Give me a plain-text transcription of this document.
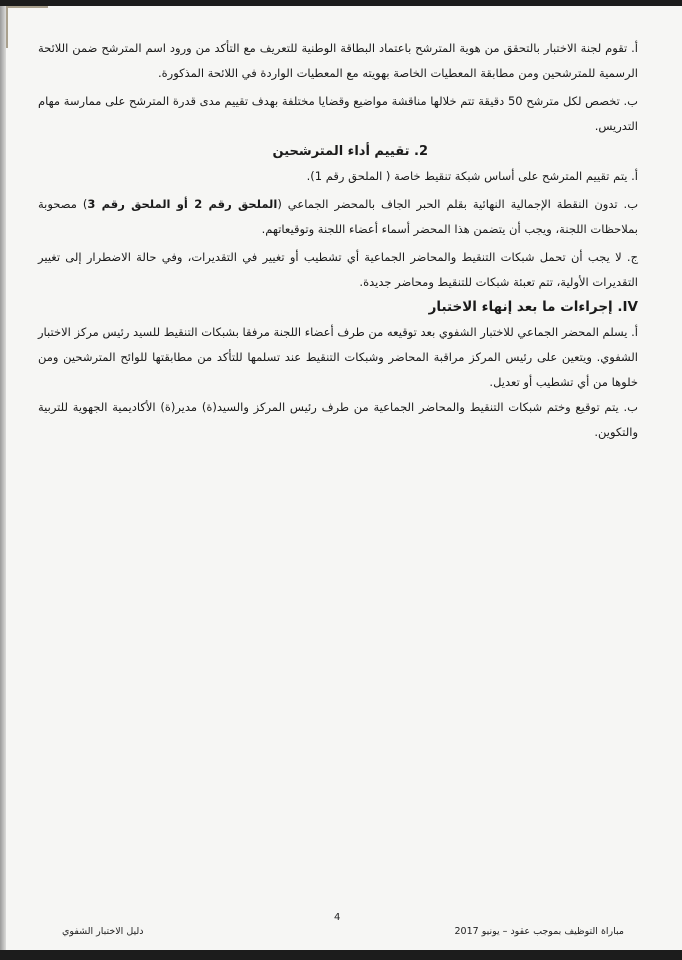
أ. تقوم لجنة الاختبار بالتحقق من هوية المترشح باعتماد البطاقة الوطنية للتعريف مع التأكد من ورود اسم المترشح ضمن اللائحة الرسمية للمترشحين ومن مطابقة المعطيات الخاصة بهويته مع المعطيات الواردة في اللائحة المذكورة.

ب. تخصص لكل مترشح 50 دقيقة تتم خلالها مناقشة مواضيع وقضايا مختلفة بهدف تقييم مدى قدرة المترشح على ممارسة مهام التدريس.

2. تقييم أداء المترشحين

أ. يتم تقييم المترشح على أساس شبكة تنقيط خاصة ( الملحق رقم 1).

ب. تدون النقطة الإجمالية النهائية بقلم الحبر الجاف بالمحضر الجماعي (الملحق رقم 2 أو الملحق رقم 3) مصحوبة بملاحظات اللجنة، ويجب أن يتضمن هذا المحضر أسماء أعضاء اللجنة وتوقيعاتهم.

ج. لا يجب أن تحمل شبكات التنقيط والمحاضر الجماعية أي تشطيب أو تغيير في التقديرات، وفي حالة الاضطرار إلى تغيير التقديرات الأولية، تتم تعبئة شبكات للتنقيط ومحاضر جديدة.

IV. إجراءات ما بعد إنهاء الاختبار

أ. يسلم المحضر الجماعي للاختبار الشفوي بعد توقيعه من طرف أعضاء اللجنة مرفقا بشبكات التنقيط للسيد رئيس مركز الاختبار الشفوي. ويتعين على رئيس المركز مراقبة المحاضر وشبكات التنقيط عند تسلمها للتأكد من مطابقتها للوائح المترشحين ومن خلوها من أي تشطيب أو تعديل.

ب. يتم توقيع وختم شبكات التنقيط والمحاضر الجماعية من طرف رئيس المركز والسيد(ة) مدير(ة) الأكاديمية الجهوية للتربية والتكوين.

4
مباراة التوظيف بموجب عقود – يونيو 2017
دليل الاختبار الشفوي
